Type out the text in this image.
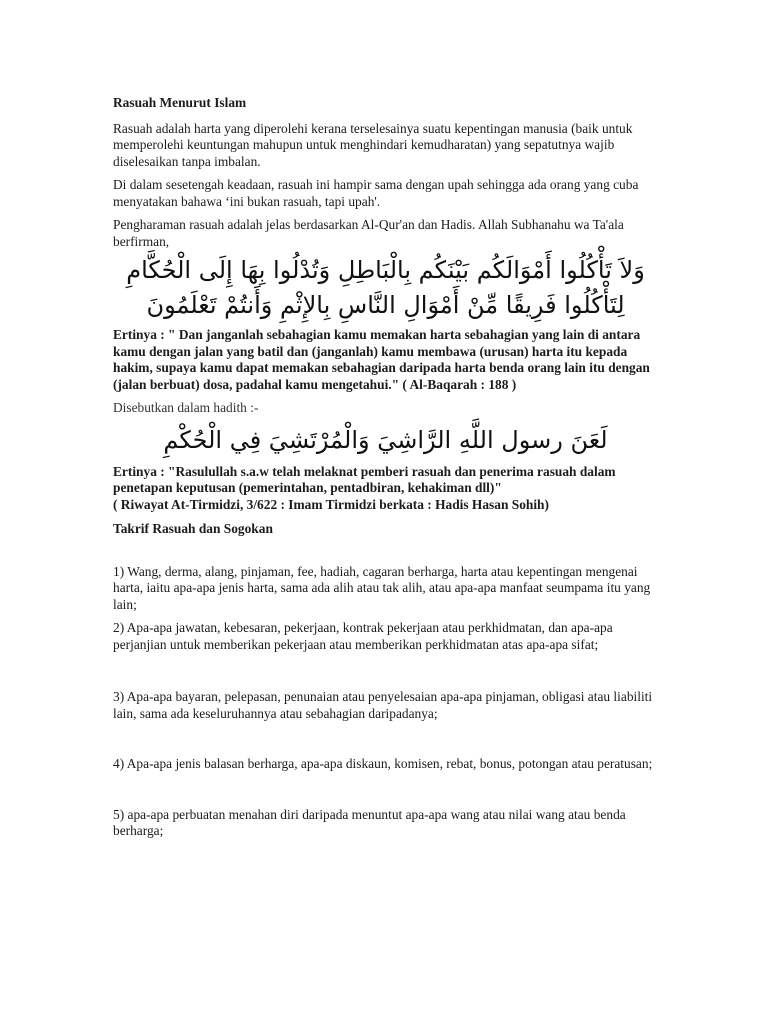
Rasuah Menurut Islam

Rasuah adalah harta yang diperolehi kerana terselesainya suatu kepentingan manusia (baik untuk memperolehi keuntungan mahupun untuk menghindari kemudharatan) yang sepatutnya wajib diselesaikan tanpa imbalan.

Di dalam sesetengah keadaan, rasuah ini hampir sama dengan upah sehingga ada orang yang cuba menyatakan bahawa ‘ini bukan rasuah, tapi upah'.

Pengharaman rasuah adalah jelas berdasarkan Al-Qur'an dan Hadis. Allah Subhanahu wa Ta'ala berfirman,

وَلاَ تَأْكُلُوا أَمْوَالَكُم بَيْنَكُم بِالْبَاطِلِ وَتُدْلُوا بِهَا إِلَى الْحُكَّامِ
لِتَأْكُلُوا فَرِيقًا مِّنْ أَمْوَالِ النَّاسِ بِالإِثْمِ وَأَنتُمْ تَعْلَمُونَ

Ertinya : " Dan janganlah sebahagian kamu memakan harta sebahagian yang lain di antara kamu dengan jalan yang batil dan (janganlah) kamu membawa (urusan) harta itu kepada hakim, supaya kamu dapat memakan sebahagian daripada harta benda orang lain itu dengan (jalan berbuat) dosa, padahal kamu mengetahui." ( Al-Baqarah : 188 )

Disebutkan dalam hadith :-

لَعَنَ رسول اللَّهِ الرَّاشِيَ وَالْمُرْتَشِيَ فِي الْحُكْمِ
Ertinya : "Rasulullah s.a.w telah melaknat pemberi rasuah dan penerima rasuah dalam penetapan keputusan (pemerintahan, pentadbiran, kehakiman dll)"
( Riwayat At-Tirmidzi, 3/622 : Imam Tirmidzi berkata : Hadis Hasan Sohih)
Takrif Rasuah dan Sogokan

1) Wang, derma, alang, pinjaman, fee, hadiah, cagaran berharga, harta atau kepentingan mengenai harta, iaitu apa-apa jenis harta, sama ada alih atau tak alih, atau apa-apa manfaat seumpama itu yang lain;

2) Apa-apa jawatan, kebesaran, pekerjaan, kontrak pekerjaan atau perkhidmatan, dan apa-apa perjanjian untuk memberikan pekerjaan atau memberikan perkhidmatan atas apa-apa sifat;

3) Apa-apa bayaran, pelepasan, penunaian atau penyelesaian apa-apa pinjaman, obligasi atau liabiliti lain, sama ada keseluruhannya atau sebahagian daripadanya;

4) Apa-apa jenis balasan berharga, apa-apa diskaun, komisen, rebat, bonus, potongan atau peratusan;

5) apa-apa perbuatan menahan diri daripada menuntut apa-apa wang atau nilai wang atau benda berharga;
